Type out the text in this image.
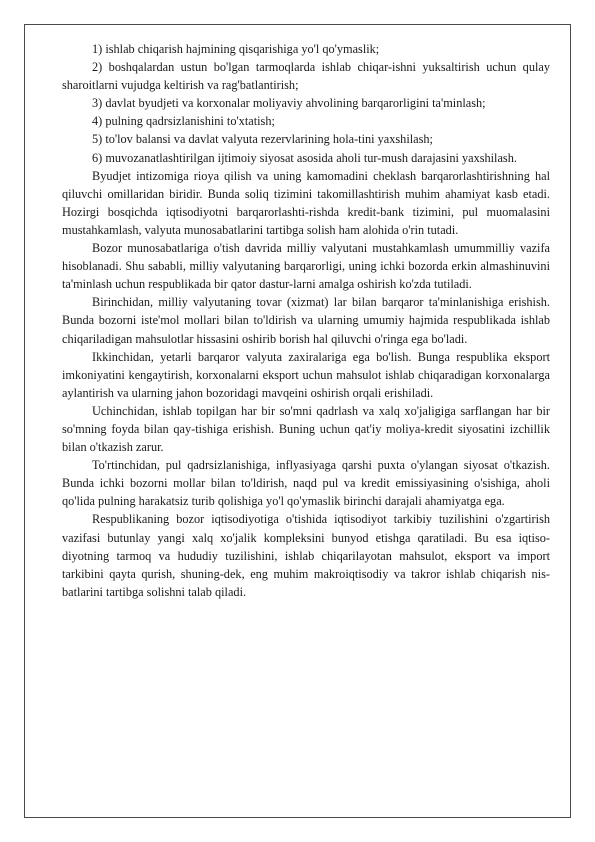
1) ishlab chiqarish hajmining qisqarishiga yo'l qo'ymaslik;

2) boshqalardan ustun bo'lgan tarmoqlarda ishlab chiqar-ishni yuksaltirish uchun qulay sharoitlarni vujudga keltirish va rag'batlantirish;

3) davlat byudjeti va korxonalar moliyaviy ahvolining barqarorligini ta'minlash;

4) pulning qadrsizlanishini to'xtatish;

5) to'lov balansi va davlat valyuta rezervlarining hola-tini yaxshilash;

6) muvozanatlashtirilgan ijtimoiy siyosat asosida aholi tur-mush darajasini yaxshilash.

Byudjet intizomiga rioya qilish va uning kamomadini cheklash barqarorlashtirishning hal qiluvchi omillaridan biridir. Bunda soliq tizimini takomillashtirish muhim ahamiyat kasb etadi. Hozirgi bosqichda iqtisodiyotni barqarorlashti-rishda kredit-bank tizimini, pul muomalasini mustahkamlash, valyuta munosabatlarini tartibga solish ham alohida o'rin tutadi.

Bozor munosabatlariga o'tish davrida milliy valyutani mustahkamlash umummilliy vazifa hisoblanadi. Shu sababli, milliy valyutaning barqarorligi, uning ichki bozorda erkin almashinuvini ta'minlash uchun respublikada bir qator dastur-larni amalga oshirish ko'zda tutiladi.

Birinchidan, milliy valyutaning tovar (xizmat) lar bilan barqaror ta'minlanishiga erishish. Bunda bozorni iste'mol mollari bilan to'ldirish va ularning umumiy hajmida respublikada ishlab chiqariladigan mahsulotlar hissasini oshirib borish hal qiluvchi o'ringa ega bo'ladi.

Ikkinchidan, yetarli barqaror valyuta zaxiralariga ega bo'lish. Bunga respublika eksport imkoniyatini kengaytirish, korxonalarni eksport uchun mahsulot ishlab chiqaradigan korxonalarga aylantirish va ularning jahon bozoridagi mavqeini oshirish orqali erishiladi.

Uchinchidan, ishlab topilgan har bir so'mni qadrlash va xalq xo'jaligiga sarflangan har bir so'mning foyda bilan qay-tishiga erishish. Buning uchun qat'iy moliya-kredit siyosatini izchillik bilan o'tkazish zarur.

To'rtinchidan, pul qadrsizlanishiga, inflyasiyaga qarshi puxta o'ylangan siyosat o'tkazish. Bunda ichki bozorni mollar bilan to'ldirish, naqd pul va kredit emissiyasining o'sishiga, aholi qo'lida pulning harakatsiz turib qolishiga yo'l qo'ymaslik birinchi darajali ahamiyatga ega.

Respublikaning bozor iqtisodiyotiga o'tishida iqtisodiyot tarkibiy tuzilishini o'zgartirish vazifasi butunlay yangi xalq xo'jalik kompleksini bunyod etishga qaratiladi. Bu esa iqtiso-diyotning tarmoq va hududiy tuzilishini, ishlab chiqarilayotan mahsulot, eksport va import tarkibini qayta qurish, shuning-dek, eng muhim makroiqtisodiy va takror ishlab chiqarish nis-batlarini tartibga solishni talab qiladi.
